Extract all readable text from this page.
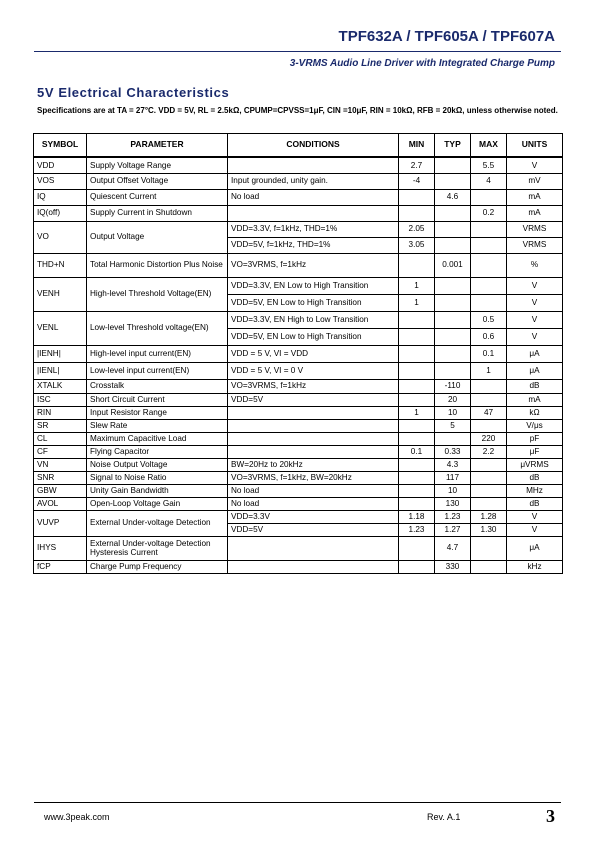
TPF632A / TPF605A / TPF607A
3-VRMS Audio Line Driver with Integrated Charge Pump
5V Electrical Characteristics
Specifications are at TA = 27°C. VDD = 5V, RL = 2.5kΩ, CPUMP=CPVSS=1μF, CIN =10μF, RIN = 10kΩ, RFB = 20kΩ, unless otherwise noted.
SYMBOL	PARAMETER	CONDITIONS	MIN	TYP	MAX	UNITS
VDD	Supply Voltage Range		2.7		5.5	V
VOS	Output Offset Voltage	Input grounded, unity gain.	-4		4	mV
IQ	Quiescent Current	No load		4.6		mA
IQ(off)	Supply Current in Shutdown				0.2	mA
VO	Output Voltage	VDD=3.3V, f=1kHz, THD=1%	2.05			VRMS
		VDD=5V, f=1kHz, THD=1%	3.05			VRMS
THD+N	Total Harmonic Distortion Plus Noise	VO=3VRMS, f=1kHz		0.001		%
VENH	High-level Threshold Voltage(EN)	VDD=3.3V, EN Low to High Transition	1			V
		VDD=5V, EN Low to High Transition	1			V
VENL	Low-level Threshold voltage(EN)	VDD=3.3V, EN High to Low Transition			0.5	V
		VDD=5V, EN Low to High Transition			0.6	V
|IENH|	High-level input current(EN)	VDD = 5 V, VI = VDD			0.1	μA
|IENL|	Low-level input current(EN)	VDD = 5 V, VI = 0 V			1	μA
XTALK	Crosstalk	VO=3VRMS, f=1kHz		-110		dB
ISC	Short Circuit Current	VDD=5V		20		mA
RIN	Input Resistor Range		1	10	47	kΩ
SR	Slew Rate			5		V/μs
CL	Maximum Capacitive Load				220	pF
CF	Flying Capacitor		0.1	0.33	2.2	μF
VN	Noise Output Voltage	BW=20Hz to 20kHz		4.3		μVRMS
SNR	Signal to Noise Ratio	VO=3VRMS, f=1kHz, BW=20kHz		117		dB
GBW	Unity Gain Bandwidth	No load		10		MHz
AVOL	Open-Loop Voltage Gain	No load		130		dB
VUVP	External Under-voltage Detection	VDD=3.3V	1.18	1.23	1.28	V
		VDD=5V	1.23	1.27	1.30	V
IHYS	External Under-voltage Detection Hysteresis Current			4.7		μA
fCP	Charge Pump Frequency			330		kHz
www.3peak.com	Rev. A.1	3
